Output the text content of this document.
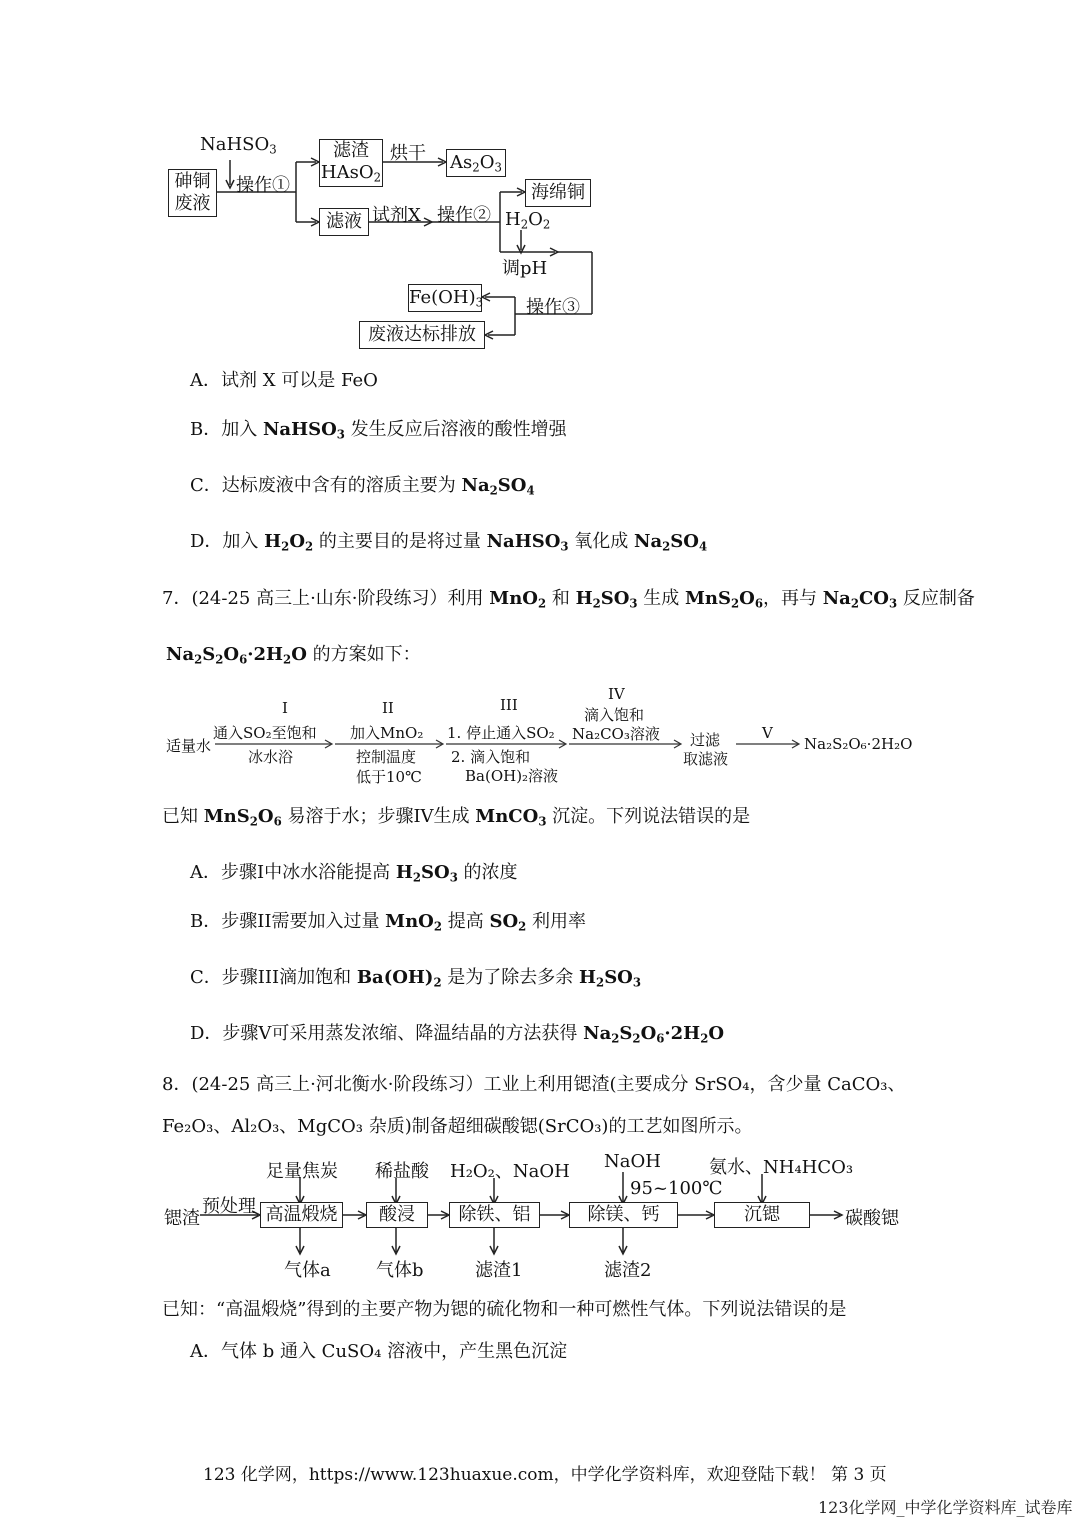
NaHSO$_3$
砷铜
废液
操作①
滤渣
HAsO$_2$
烘干 $As_2O_3$
滤液 试剂X 操作②
海绵铜
$H_2O_2$
调pH
$Fe(OH)_3$ 操作③
废液达标排放
A．试剂 X 可以是 FeO
B．加入 NaHSO$_3$ 发生反应后溶液的酸性增强
C．达标废液中含有的溶质主要为 $Na_2SO_4$
D．加入 $H_2O_2$ 的主要目的是将过量 NaHSO$_3$ 氧化成 $Na_2SO_4$
7．(24-25 高三上·山东·阶段练习）利用 MnO$_2$ 和 $H_2SO_3$ 生成 $MnS_2O_6$，再与 $Na_2CO_3$ 反应制备
$Na_2S_2O_6\cdot 2H_2O$ 的方案如下：
适量水
I
通入SO₂至饱和
冰水浴
II
加入MnO₂
控制温度
低于10℃
III
1. 停止通入SO₂
2. 滴入饱和
Ba(OH)₂溶液
IV
滴入饱和
Na₂CO₃溶液 过滤
取滤液
V
Na₂S₂O₆·2H₂O
已知 $MnS_2O_6$ 易溶于水；步骤IV生成 MnCO$_3$ 沉淀。下列说法错误的是
A．步骤I中冰水浴能提高 $H_2SO_3$ 的浓度
B．步骤II需要加入过量 MnO$_2$ 提高 $SO_2$ 利用率
C．步骤III滴加饱和 $Ba(OH)_2$ 是为了除去多余 $H_2SO_3$
D．步骤V可采用蒸发浓缩、降温结晶的方法获得 $Na_2S_2O_6\cdot 2H_2O$
8．(24-25 高三上·河北衡水·阶段练习）工业上利用锶渣(主要成分 SrSO₄，含少量 CaCO₃、
Fe₂O₃、Al₂O₃、MgCO₃ 杂质)制备超细碳酸锶(SrCO₃)的工艺如图所示。
锶渣
预处理 高温煅烧	酸浸	除铁、铝	除镁、钙	沉锶	碳酸锶
足量焦炭 稀盐酸 H₂O₂、NaOH NaOH
95~100℃
氨水、NH₄HCO₃
气体a	气体b	滤渣1	滤渣2
已知：“高温煅烧”得到的主要产物为锶的硫化物和一种可燃性气体。下列说法错误的是
A．气体 b 通入 CuSO₄ 溶液中，产生黑色沉淀
123 化学网，https://www.123huaxue.com，中学化学资料库，欢迎登陆下载！ 第 3 页
123化学网_中学化学资料库_试卷库
